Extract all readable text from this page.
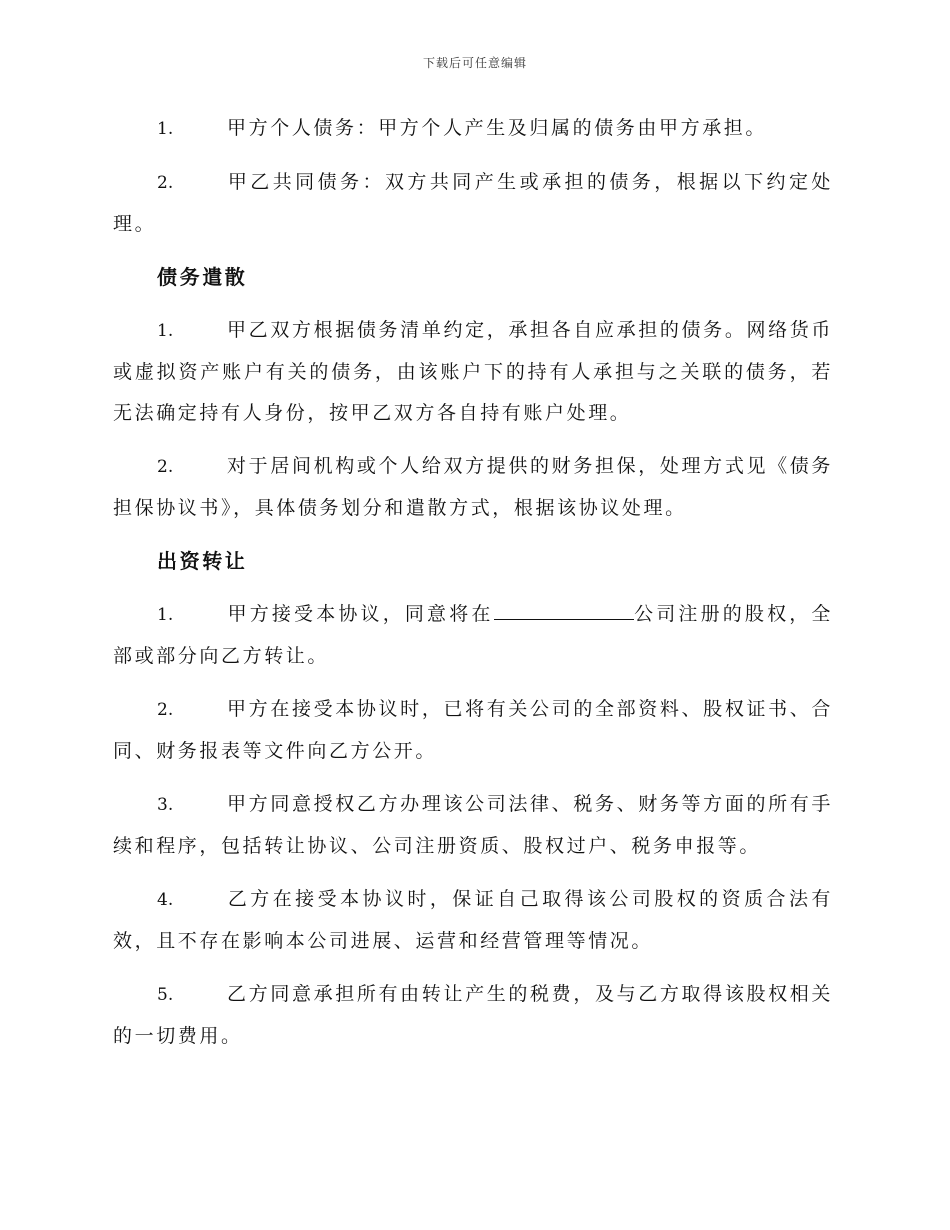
下载后可任意编辑

1.	甲方个人债务：甲方个人产生及归属的债务由甲方承担。

2.	甲乙共同债务：双方共同产生或承担的债务，根据以下约定处理。

债务遣散

1.	甲乙双方根据债务清单约定，承担各自应承担的债务。网络货币或虚拟资产账户有关的债务，由该账户下的持有人承担与之关联的债务，若无法确定持有人身份，按甲乙双方各自持有账户处理。

2.	对于居间机构或个人给双方提供的财务担保，处理方式见《债务担保协议书》，具体债务划分和遣散方式，根据该协议处理。

出资转让

1.	甲方接受本协议，同意将在	公司注册的股权，全部或部分向乙方转让。

2.	甲方在接受本协议时，已将有关公司的全部资料、股权证书、合同、财务报表等文件向乙方公开。

3.	甲方同意授权乙方办理该公司法律、税务、财务等方面的所有手续和程序，包括转让协议、公司注册资质、股权过户、税务申报等。

4.	乙方在接受本协议时，保证自己取得该公司股权的资质合法有效，且不存在影响本公司进展、运营和经营管理等情况。

5.	乙方同意承担所有由转让产生的税费，及与乙方取得该股权相关的一切费用。
